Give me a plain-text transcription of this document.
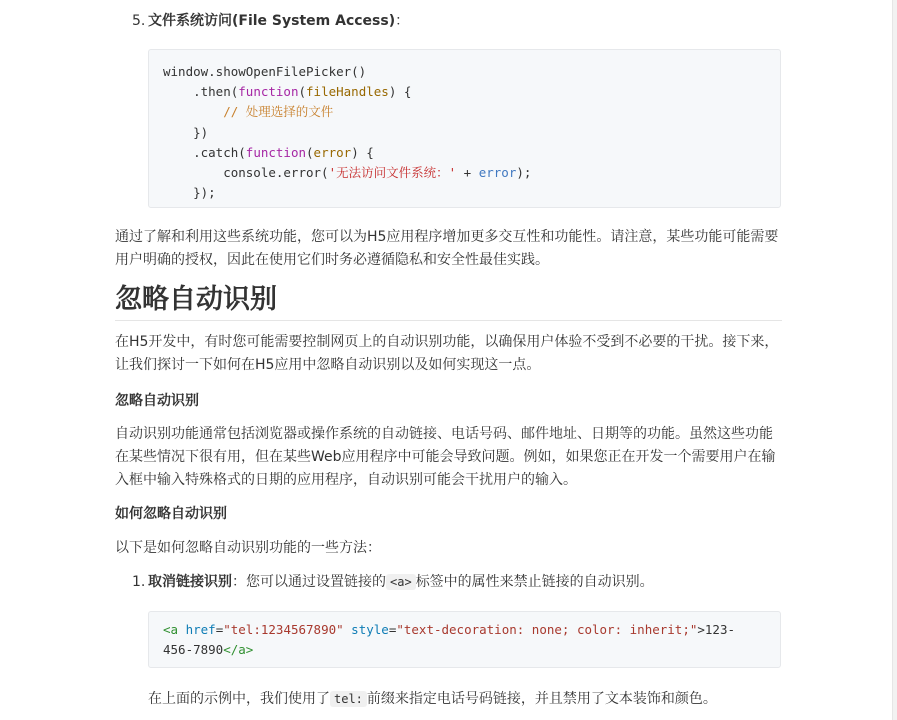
5. 文件系统访问(File System Access)：
window.showOpenFilePicker()
.then(function(fileHandles) {
// 处理选择的文件
})
.catch(function(error) {
console.error('无法访问文件系统：' + error);
});
通过了解和利用这些系统功能，您可以为H5应用程序增加更多交互性和功能性。请注意，某些功能可能需要用户明确的授权，因此在使用它们时务必遵循隐私和安全性最佳实践。
忽略自动识别
在H5开发中，有时您可能需要控制网页上的自动识别功能，以确保用户体验不受到不必要的干扰。接下来，让我们探讨一下如何在H5应用中忽略自动识别以及如何实现这一点。
忽略自动识别
自动识别功能通常包括浏览器或操作系统的自动链接、电话号码、邮件地址、日期等的功能。虽然这些功能在某些情况下很有用，但在某些Web应用程序中可能会导致问题。例如，如果您正在开发一个需要用户在输入框中输入特殊格式的日期的应用程序，自动识别可能会干扰用户的输入。
如何忽略自动识别
以下是如何忽略自动识别功能的一些方法：
1. 取消链接识别：您可以通过设置链接的 <a> 标签中的属性来禁止链接的自动识别。
<a href="tel:1234567890" style="text-decoration: none; color: inherit;">123-
456-7890</a>
在上面的示例中，我们使用了 tel: 前缀来指定电话号码链接，并且禁用了文本装饰和颜色。
